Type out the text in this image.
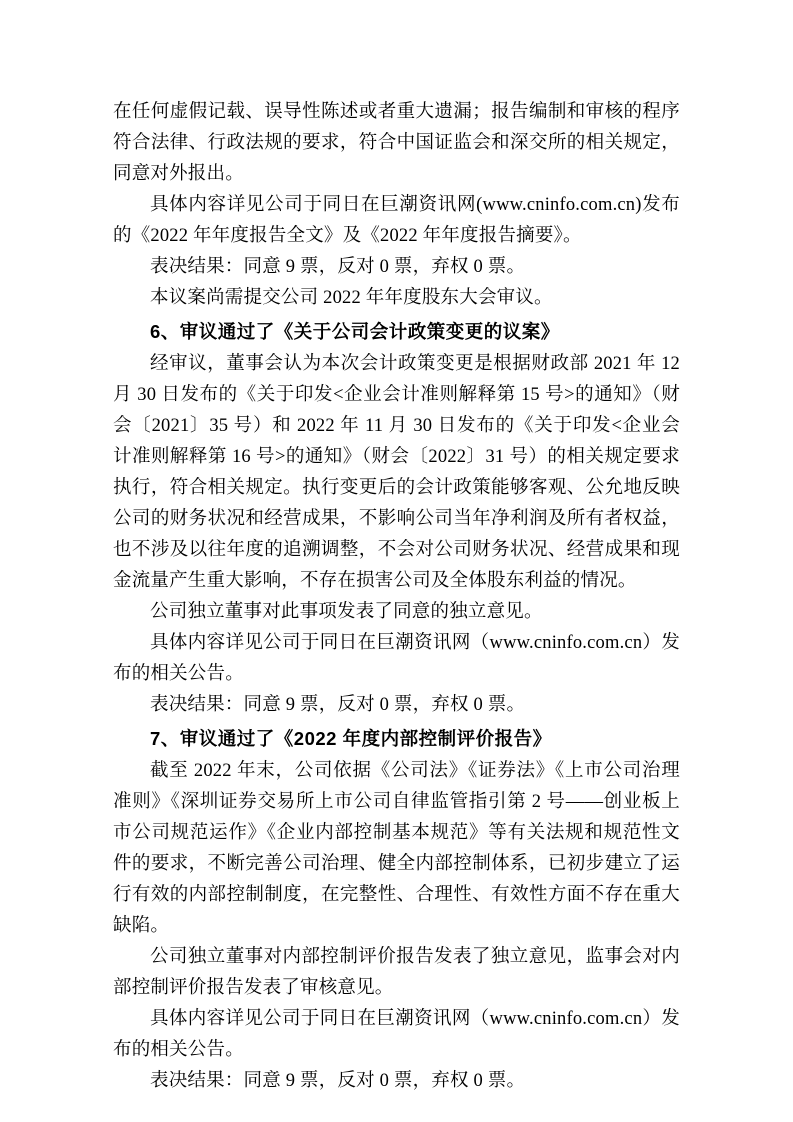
在任何虚假记载、误导性陈述或者重大遗漏；报告编制和审核的程序符合法律、行政法规的要求，符合中国证监会和深交所的相关规定，同意对外报出。

具体内容详见公司于同日在巨潮资讯网(www.cninfo.com.cn)发布的《2022 年年度报告全文》及《2022 年年度报告摘要》。

表决结果：同意 9 票，反对 0 票，弃权 0 票。

本议案尚需提交公司 2022 年年度股东大会审议。

6、审议通过了《关于公司会计政策变更的议案》

经审议，董事会认为本次会计政策变更是根据财政部 2021 年 12 月 30 日发布的《关于印发<企业会计准则解释第 15 号>的通知》（财会〔2021〕35 号）和 2022 年 11 月 30 日发布的《关于印发<企业会计准则解释第 16 号>的通知》（财会〔2022〕31 号）的相关规定要求执行，符合相关规定。执行变更后的会计政策能够客观、公允地反映公司的财务状况和经营成果，不影响公司当年净利润及所有者权益，也不涉及以往年度的追溯调整，不会对公司财务状况、经营成果和现金流量产生重大影响，不存在损害公司及全体股东利益的情况。

公司独立董事对此事项发表了同意的独立意见。

具体内容详见公司于同日在巨潮资讯网（www.cninfo.com.cn）发布的相关公告。

表决结果：同意 9 票，反对 0 票，弃权 0 票。

7、审议通过了《2022 年度内部控制评价报告》

截至 2022 年末，公司依据《公司法》《证券法》《上市公司治理准则》《深圳证券交易所上市公司自律监管指引第 2 号——创业板上市公司规范运作》《企业内部控制基本规范》等有关法规和规范性文件的要求，不断完善公司治理、健全内部控制体系，已初步建立了运行有效的内部控制制度，在完整性、合理性、有效性方面不存在重大缺陷。

公司独立董事对内部控制评价报告发表了独立意见，监事会对内部控制评价报告发表了审核意见。

具体内容详见公司于同日在巨潮资讯网（www.cninfo.com.cn）发布的相关公告。

表决结果：同意 9 票，反对 0 票，弃权 0 票。
